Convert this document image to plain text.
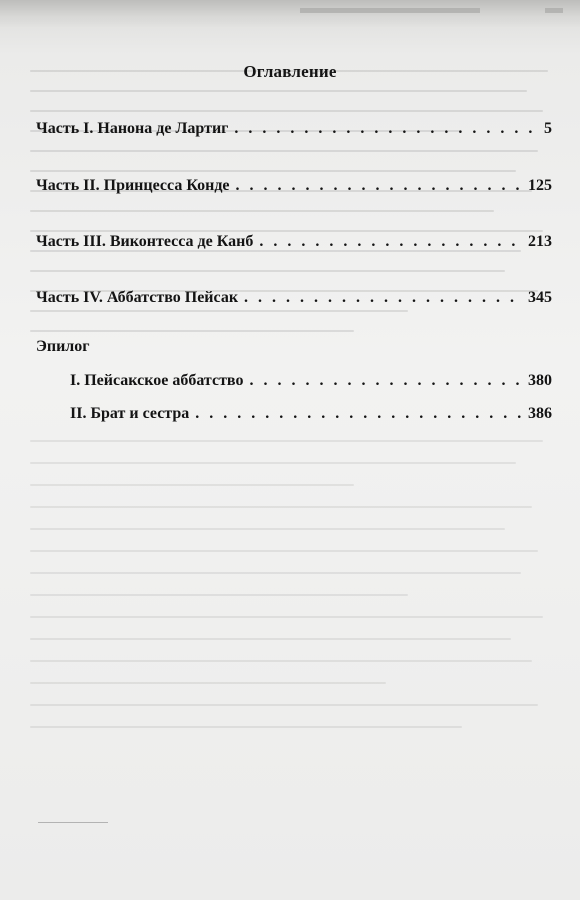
Оглавление
Часть I. Нанона де Лартиг . . .	5
Часть II. Принцесса Конде . . .	125
Часть III. Виконтесса де Канб . . .	213
Часть IV. Аббатство Пейсак . . .	345
Эпилог
I. Пейсакское аббатство . . .	380
II. Брат и сестра . . .	386
